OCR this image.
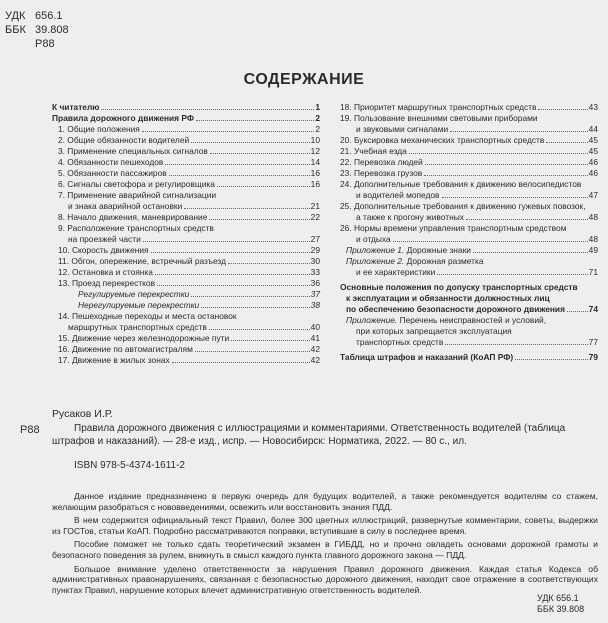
УДК 656.1
ББК 39.808
Р88
СОДЕРЖАНИЕ
К читателю	1
Правила дорожного движения РФ	2
1. Общие положения	2
2. Общие обязанности водителей	10
3. Применение специальных сигналов	12
4. Обязанности пешеходов	14
5. Обязанности пассажиров	16
6. Сигналы светофора и регулировщика	16
7. Применение аварийной сигнализации
и знака аварийной остановки	21
8. Начало движения, маневрирование	22
9. Расположение транспортных средств
на проезжей части	27
10. Скорость движения	29
11. Обгон, опережение, встречный разъезд	30
12. Остановка и стоянка	33
13. Проезд перекрестков	36
Регулируемые перекрестки	37
Нерегулируемые перекрестки	38
14. Пешеходные переходы и места остановок
маршрутных транспортных средств	40
15. Движение через железнодорожные пути	41
16. Движение по автомагистралям	42
17. Движение в жилых зонах	42
18. Приоритет маршрутных транспортных средств	43
19. Пользование внешними световыми приборами
и звуковыми сигналами	44
20. Буксировка механических транспортных средств	45
21. Учебная езда	45
22. Перевозка людей	46
23. Перевозка грузов	46
24. Дополнительные требования к движению велосипедистов
и водителей мопедов	47
25. Дополнительные требования к движению гужевых повозок,
а также к прогону животных	48
26. Нормы времени управления транспортным средством
и отдыха	48
Приложение 1. Дорожные знаки	49
Приложение 2. Дорожная разметка
и ее характеристики	71
Основные положения по допуску транспортных средств
к эксплуатации и обязанности должностных лиц
по обеспечению безопасности дорожного движения	74
Приложение. Перечень неисправностей и условий,
при которых запрещается эксплуатация
транспортных средств	77
Таблица штрафов и наказаний (КоАП РФ)	79
Русаков И.Р.
Р88	Правила дорожного движения с иллюстрациями и комментариями. Ответственность водителей (таблица штрафов и наказаний). — 28-е изд., испр. — Новосибирск: Норматика, 2022. — 80 с., ил.
ISBN 978-5-4374-1611-2

Данное издание предназначено в первую очередь для будущих водителей, а также рекомендуется водителям со стажем, желающим разобраться с нововведениями, освежить или восстановить знания ПДД.

В нем содержится официальный текст Правил, более 300 цветных иллюстраций, развернутые комментарии, советы, выдержки из ГОСТов, статьи КоАП. Подробно рассматриваются поправки, вступившие в силу в последнее время.

Пособие поможет не только сдать теоретический экзамен в ГИБДД, но и прочно овладеть основами дорожной грамоты и безопасного поведения за рулем, вникнуть в смысл каждого пункта главного дорожного закона — ПДД.

Большое внимание уделено ответственности за нарушения Правил дорожного движения. Каждая статья Кодекса об административных правонарушениях, связанная с безопасностью дорожного движения, находит свое отражение в соответствующих пунктах Правил, нарушение которых влечет административную ответственность водителей.

УДК 656.1
ББК 39.808
